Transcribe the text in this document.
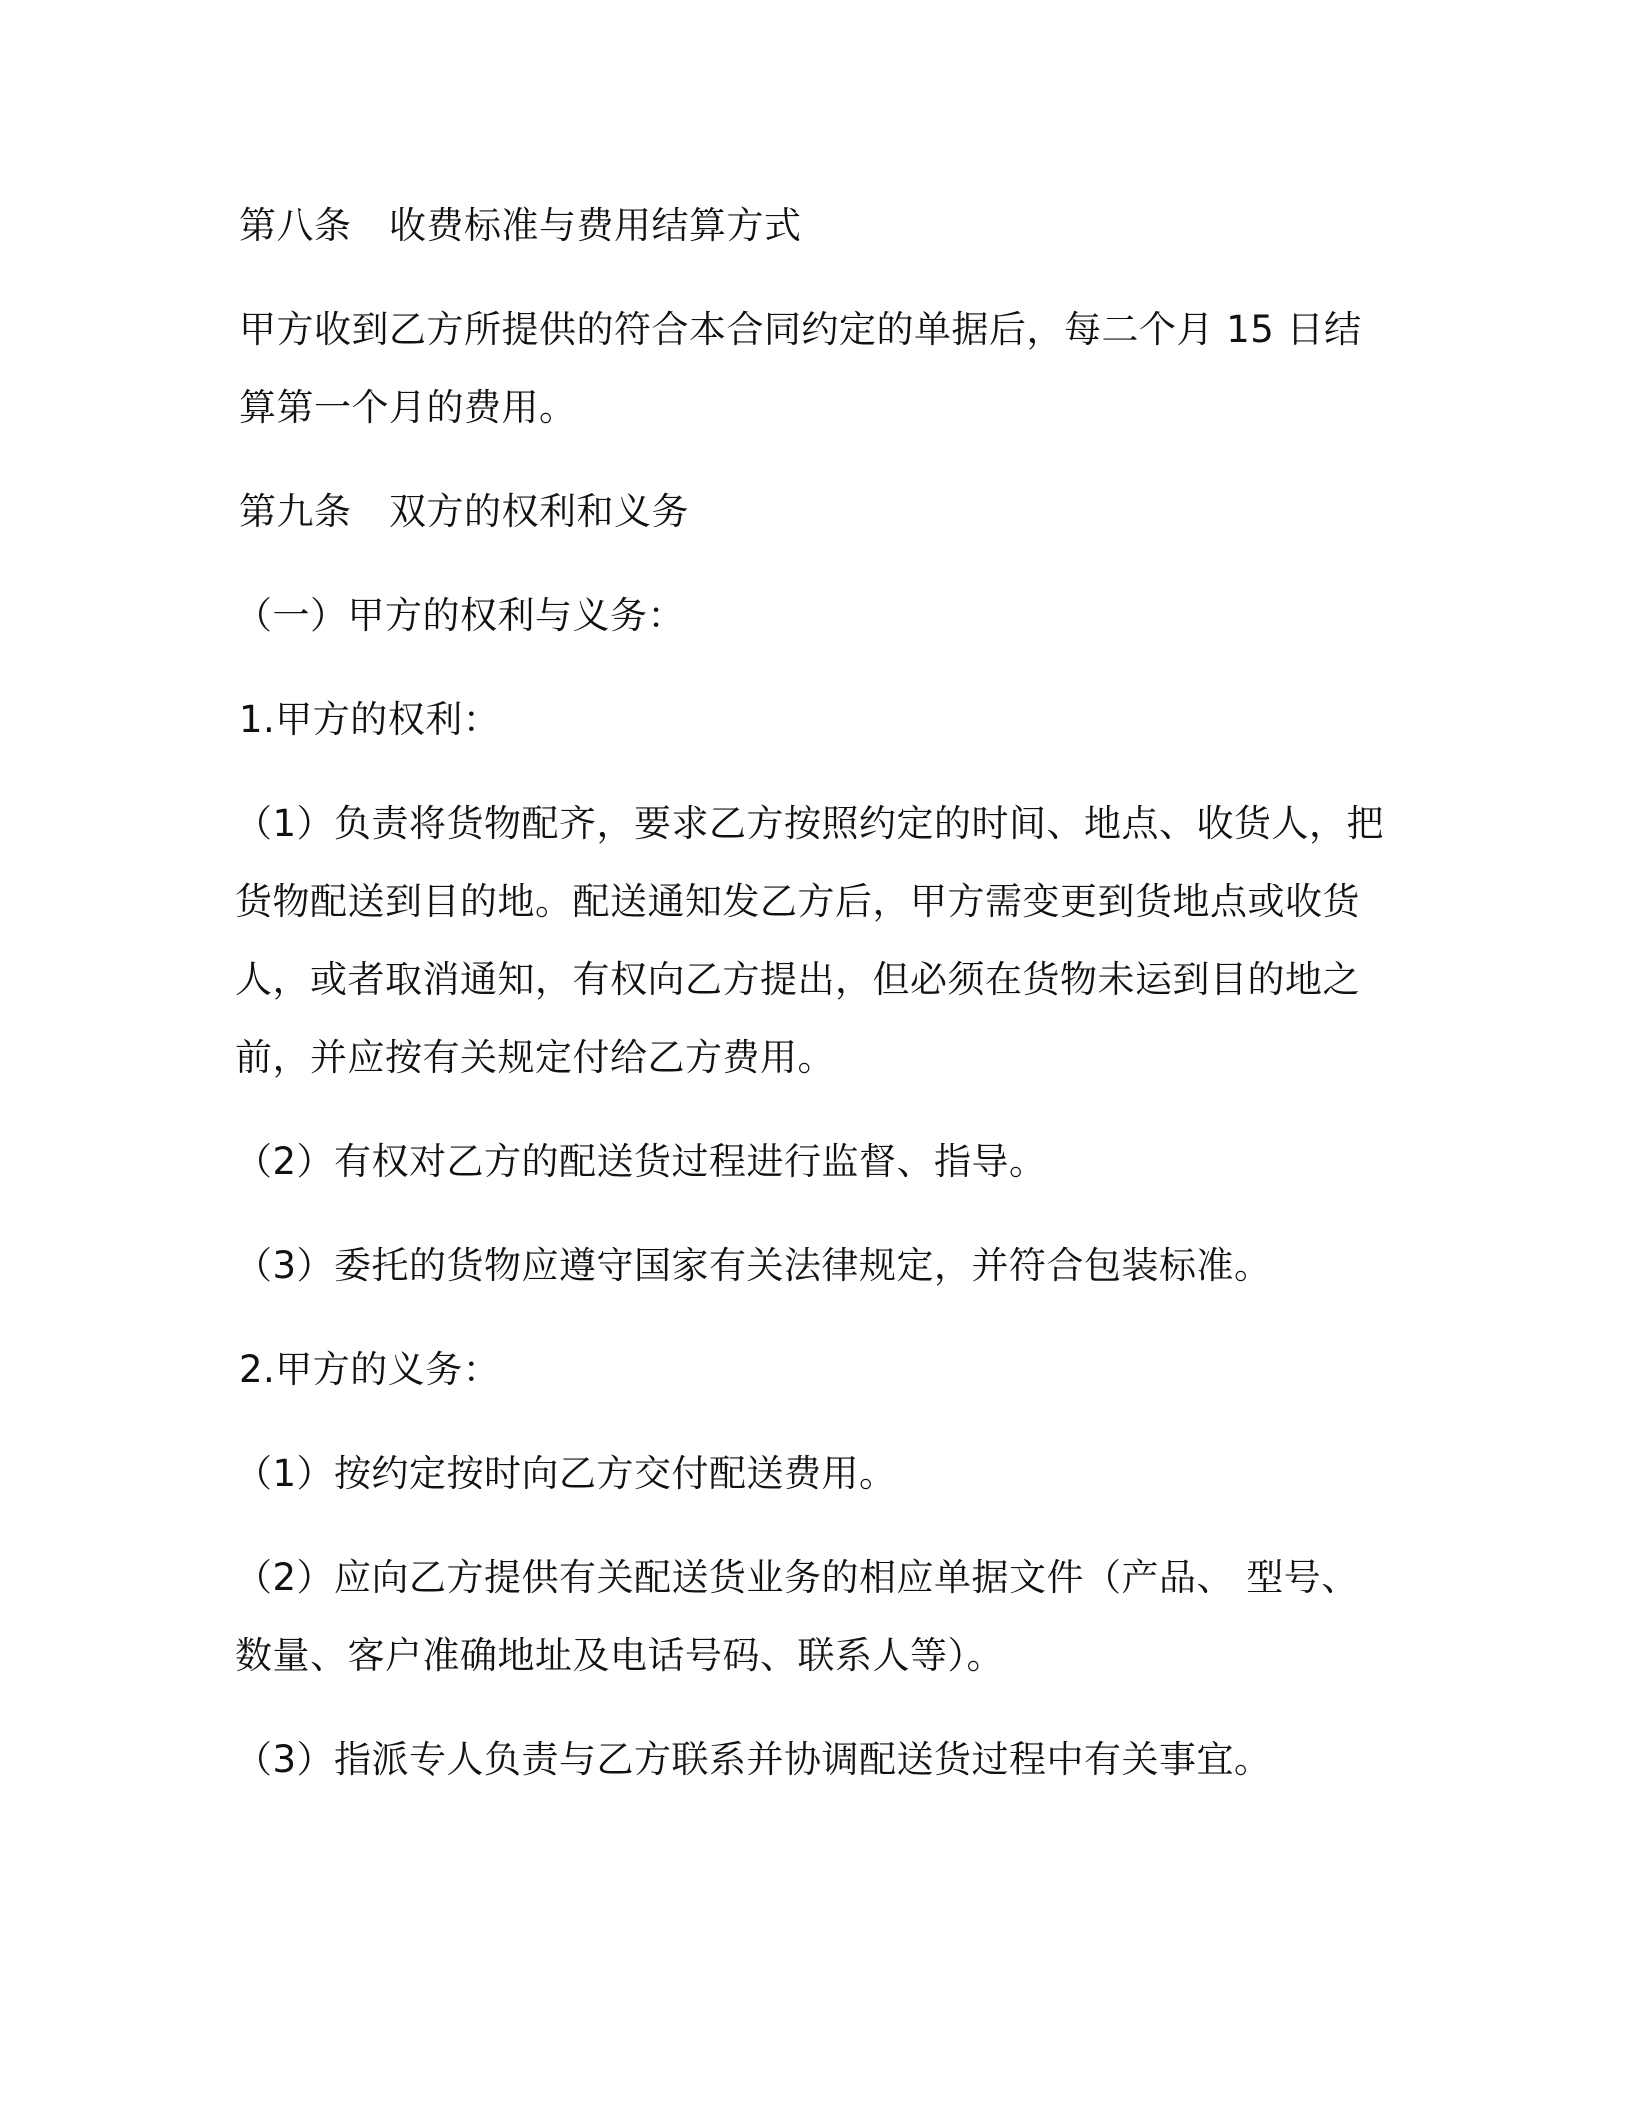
第八条 收费标准与费用结算方式

甲方收到乙方所提供的符合本合同约定的单据后，每二个月 15 日结算第一个月的费用。

第九条 双方的权利和义务

（一）甲方的权利与义务：

1.甲方的权利：

（1）负责将货物配齐，要求乙方按照约定的时间、地点、收货人，把货物配送到目的地。配送通知发乙方后，甲方需变更到货地点或收货人，或者取消通知，有权向乙方提出，但必须在货物未运到目的地之前，并应按有关规定付给乙方费用。

（2）有权对乙方的配送货过程进行监督、指导。

（3）委托的货物应遵守国家有关法律规定，并符合包装标准。

2.甲方的义务：

（1）按约定按时向乙方交付配送费用。

（2）应向乙方提供有关配送货业务的相应单据文件（产品、 型号、数量、客户准确地址及电话号码、联系人等）。

（3）指派专人负责与乙方联系并协调配送货过程中有关事宜。
